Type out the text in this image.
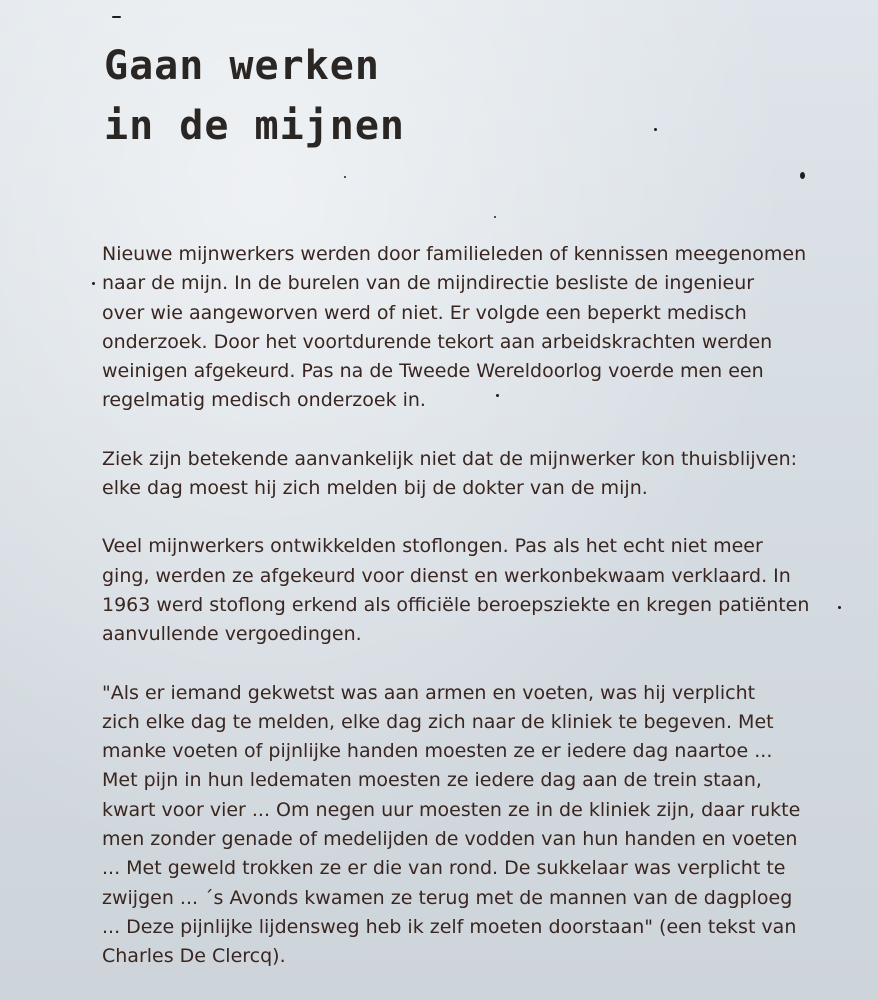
Gaan werken
in de mijnen

Nieuwe mijnwerkers werden door familieleden of kennissen meegenomen
naar de mijn. In de burelen van de mijndirectie besliste de ingenieur
over wie aangeworven werd of niet. Er volgde een beperkt medisch
onderzoek. Door het voortdurende tekort aan arbeidskrachten werden
weinigen afgekeurd. Pas na de Tweede Wereldoorlog voerde men een
regelmatig medisch onderzoek in.

Ziek zijn betekende aanvankelijk niet dat de mijnwerker kon thuisblijven:
elke dag moest hij zich melden bij de dokter van de mijn.

Veel mijnwerkers ontwikkelden stoflongen. Pas als het echt niet meer
ging, werden ze afgekeurd voor dienst en werkonbekwaam verklaard. In
1963 werd stoflong erkend als officiële beroepsziekte en kregen patiënten
aanvullende vergoedingen.

"Als er iemand gekwetst was aan armen en voeten, was hij verplicht
zich elke dag te melden, elke dag zich naar de kliniek te begeven. Met
manke voeten of pijnlijke handen moesten ze er iedere dag naartoe ...
Met pijn in hun ledematen moesten ze iedere dag aan de trein staan,
kwart voor vier ... Om negen uur moesten ze in de kliniek zijn, daar rukte
men zonder genade of medelijden de vodden van hun handen en voeten
... Met geweld trokken ze er die van rond. De sukkelaar was verplicht te
zwijgen ... ´s Avonds kwamen ze terug met de mannen van de dagploeg
... Deze pijnlijke lijdensweg heb ik zelf moeten doorstaan" (een tekst van
Charles De Clercq).
